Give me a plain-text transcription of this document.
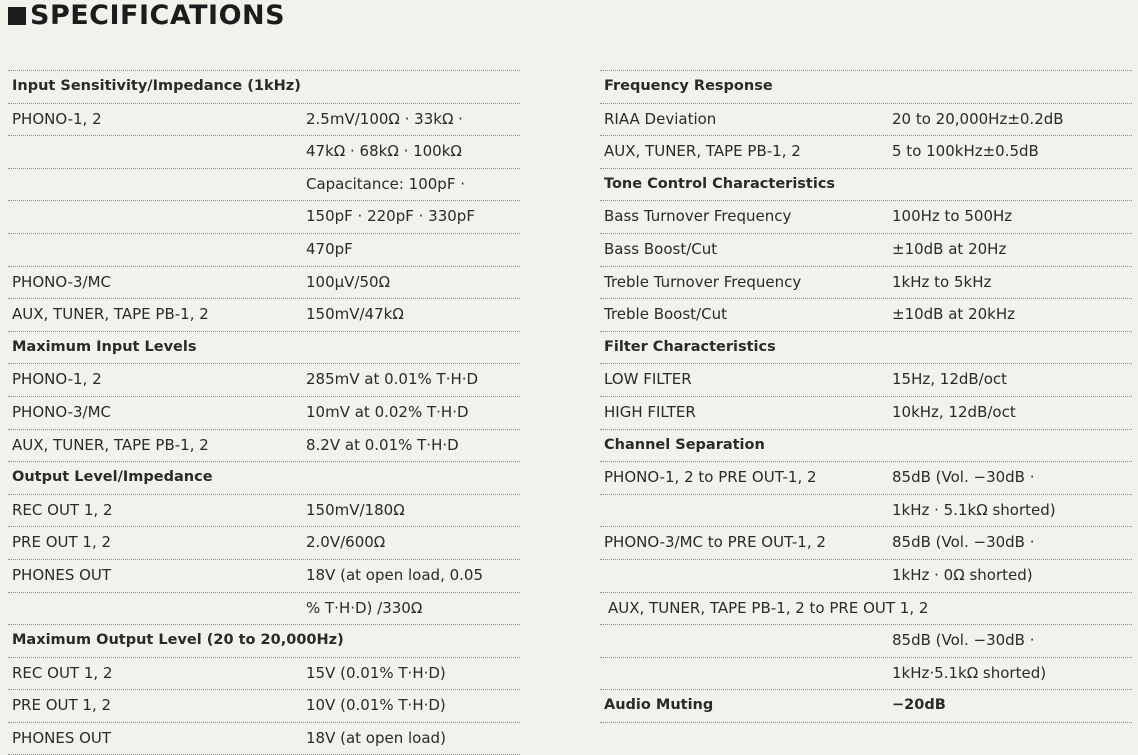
SPECIFICATIONS
Input Sensitivity/Impedance (1kHz)
PHONO-1, 2	2.5mV/100Ω · 33kΩ ·
47kΩ · 68kΩ · 100kΩ
Capacitance: 100pF ·
150pF · 220pF · 330pF
470pF
PHONO-3/MC	100μV/50Ω
AUX, TUNER, TAPE PB-1, 2	150mV/47kΩ
Maximum Input Levels
PHONO-1, 2	285mV at 0.01% T·H·D
PHONO-3/MC	10mV at 0.02% T·H·D
AUX, TUNER, TAPE PB-1, 2	8.2V at 0.01% T·H·D
Output Level/Impedance
REC OUT 1, 2	150mV/180Ω
PRE OUT 1, 2	2.0V/600Ω
PHONES OUT	18V (at open load, 0.05
% T·H·D) /330Ω
Maximum Output Level (20 to 20,000Hz)
REC OUT 1, 2	15V (0.01% T·H·D)
PRE OUT 1, 2	10V (0.01% T·H·D)
PHONES OUT	18V (at open load)
Frequency Response
RIAA Deviation	20 to 20,000Hz±0.2dB
AUX, TUNER, TAPE PB-1, 2	5 to 100kHz±0.5dB
Tone Control Characteristics
Bass Turnover Frequency	100Hz to 500Hz
Bass Boost/Cut	±10dB at 20Hz
Treble Turnover Frequency	1kHz to 5kHz
Treble Boost/Cut	±10dB at 20kHz
Filter Characteristics
LOW FILTER	15Hz, 12dB/oct
HIGH FILTER	10kHz, 12dB/oct
Channel Separation
PHONO-1, 2 to PRE OUT-1, 2	85dB (Vol. −30dB ·
1kHz · 5.1kΩ shorted)
PHONO-3/MC to PRE OUT-1, 2	85dB (Vol. −30dB ·
1kHz · 0Ω shorted)
AUX, TUNER, TAPE PB-1, 2 to PRE OUT 1, 2
85dB (Vol. −30dB ·
1kHz·5.1kΩ shorted)
Audio Muting	−20dB
